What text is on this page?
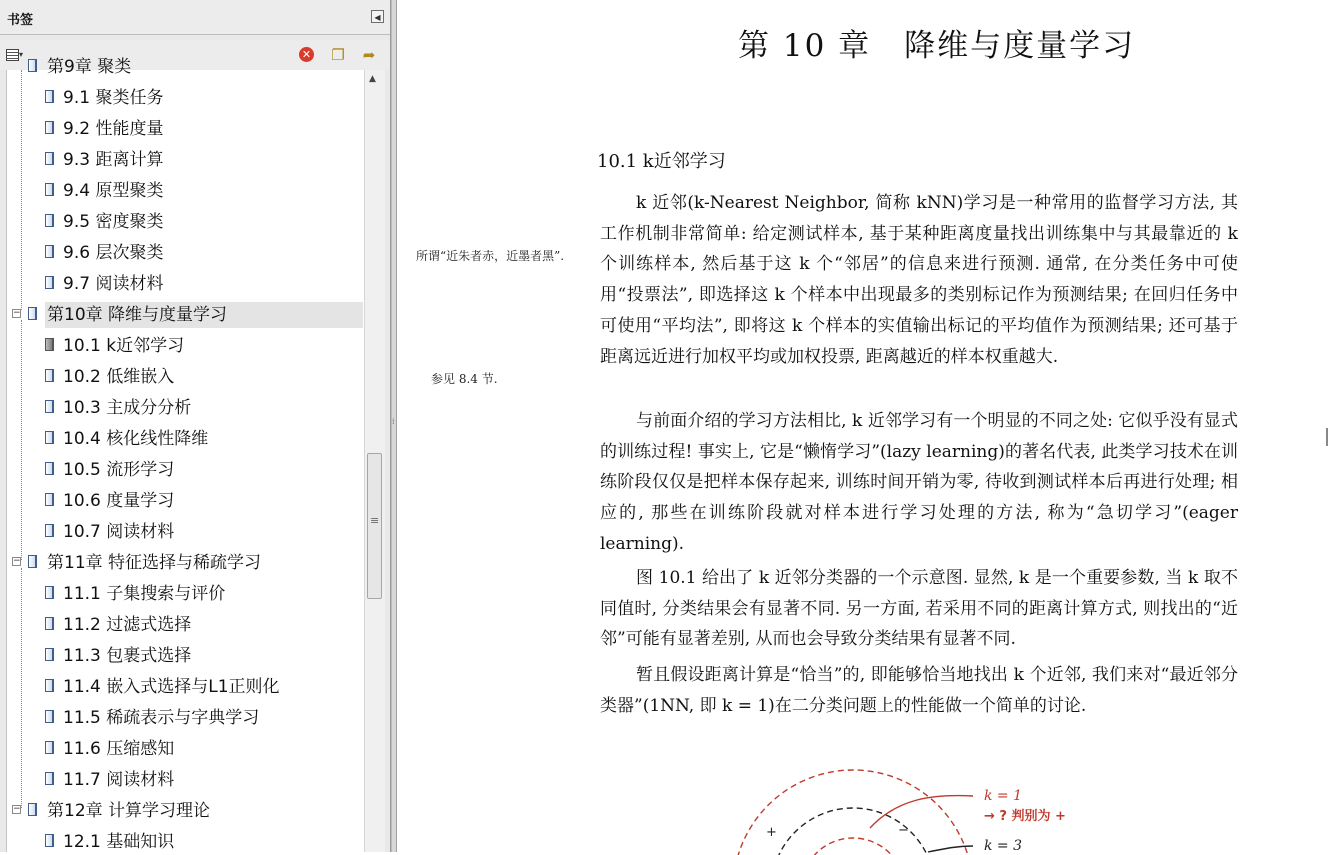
书签	◀
▾	✕ ❐ ➦
第9章 聚类
9.1 聚类任务
9.2 性能度量
9.3 距离计算
9.4 原型聚类
9.5 密度聚类
9.6 层次聚类
9.7 阅读材料
− 第10章 降维与度量学习
10.1 k近邻学习
10.2 低维嵌入
10.3 主成分分析
10.4 核化线性降维
10.5 流形学习
10.6 度量学习
10.7 阅读材料
− 第11章 特征选择与稀疏学习
11.1 子集搜索与评价
11.2 过滤式选择
11.3 包裹式选择
11.4 嵌入式选择与L1正则化
11.5 稀疏表示与字典学习
11.6 压缩感知
11.7 阅读材料
− 第12章 计算学习理论
12.1 基础知识
▲
≡
⁞
第 10 章　降维与度量学习
10.1 k近邻学习
所谓“近朱者赤，近墨者黑”.
参见 8.4 节.
k 近邻(k-Nearest Neighbor, 简称 kNN)学习是一种常用的监督学习方法, 其工作机制非常简单: 给定测试样本, 基于某种距离度量找出训练集中与其最靠近的 k 个训练样本, 然后基于这 k 个“邻居”的信息来进行预测. 通常, 在分类任务中可使用“投票法”, 即选择这 k 个样本中出现最多的类别标记作为预测结果; 在回归任务中可使用“平均法”, 即将这 k 个样本的实值输出标记的平均值作为预测结果; 还可基于距离远近进行加权平均或加权投票, 距离越近的样本权重越大.
与前面介绍的学习方法相比, k 近邻学习有一个明显的不同之处: 它似乎没有显式的训练过程! 事实上, 它是“懒惰学习”(lazy learning)的著名代表, 此类学习技术在训练阶段仅仅是把样本保存起来, 训练时间开销为零, 待收到测试样本后再进行处理; 相应的, 那些在训练阶段就对样本进行学习处理的方法, 称为“急切学习”(eager learning).
图 10.1 给出了 k 近邻分类器的一个示意图. 显然, k 是一个重要参数, 当 k 取不同值时, 分类结果会有显著不同. 另一方面, 若采用不同的距离计算方式, 则找出的“近邻”可能有显著差别, 从而也会导致分类结果有显著不同.
暂且假设距离计算是“恰当”的, 即能够恰当地找出 k 个近邻, 我们来对“最近邻分类器”(1NN, 即 k = 1)在二分类问题上的性能做一个简单的讨论.
+	−
k = 1
→ ? 判别为 +
k = 3
